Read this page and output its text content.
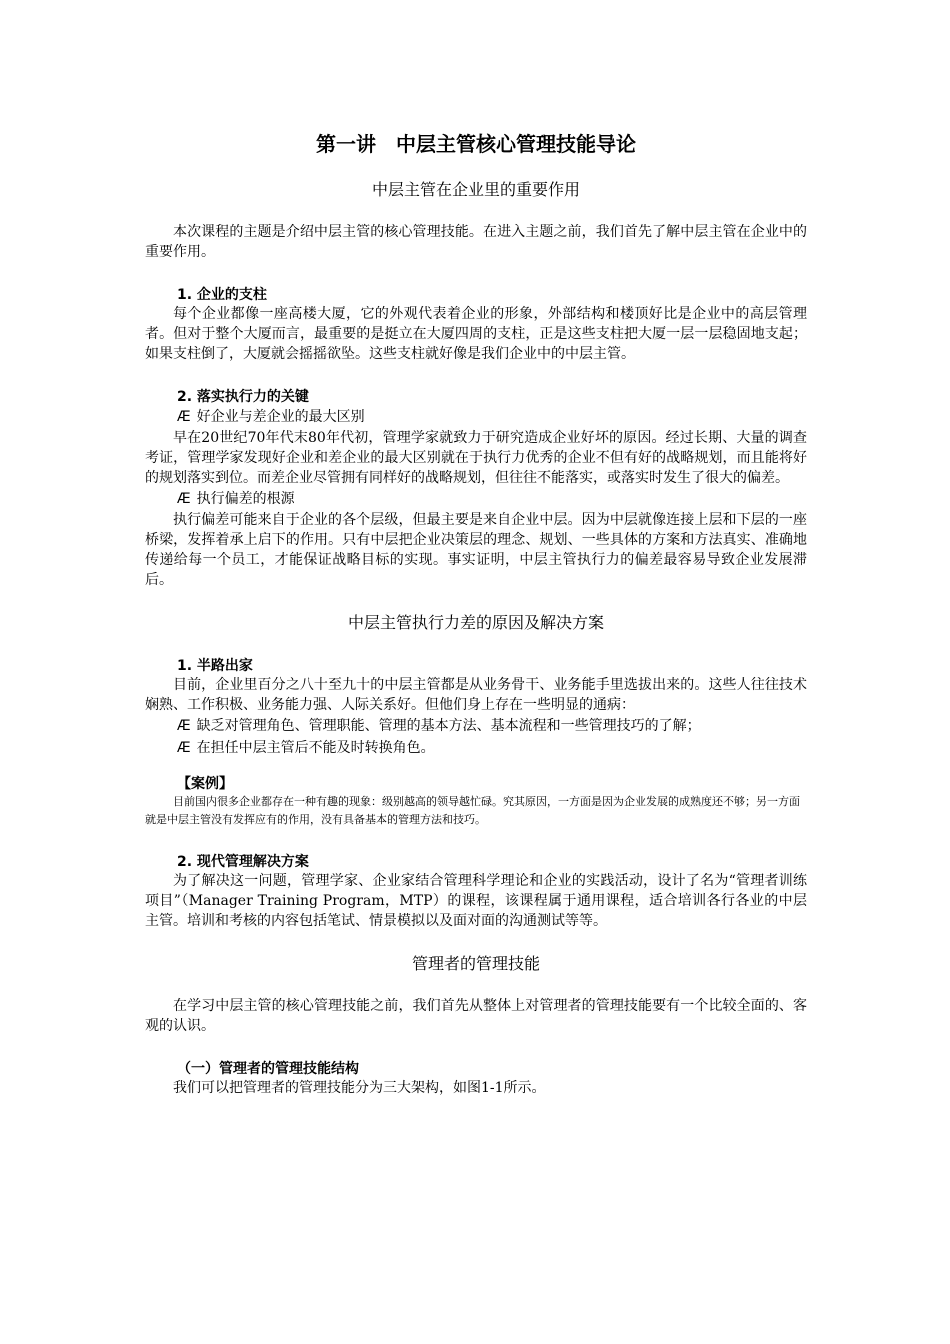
第一讲　中层主管核心管理技能导论
中层主管在企业里的重要作用

本次课程的主题是介绍中层主管的核心管理技能。在进入主题之前，我们首先了解中层主管在企业中的重要作用。

1. 企业的支柱

每个企业都像一座高楼大厦，它的外观代表着企业的形象，外部结构和楼顶好比是企业中的高层管理者。但对于整个大厦而言，最重要的是挺立在大厦四周的支柱，正是这些支柱把大厦一层一层稳固地支起；如果支柱倒了，大厦就会摇摇欲坠。这些支柱就好像是我们企业中的中层主管。

2. 落实执行力的关键
Æ 好企业与差企业的最大区别

早在20世纪70年代末80年代初，管理学家就致力于研究造成企业好坏的原因。经过长期、大量的调查考证，管理学家发现好企业和差企业的最大区别就在于执行力优秀的企业不但有好的战略规划，而且能将好的规划落实到位。而差企业尽管拥有同样好的战略规划，但往往不能落实，或落实时发生了很大的偏差。

Æ 执行偏差的根源

执行偏差可能来自于企业的各个层级，但最主要是来自企业中层。因为中层就像连接上层和下层的一座桥梁，发挥着承上启下的作用。只有中层把企业决策层的理念、规划、一些具体的方案和方法真实、准确地传递给每一个员工，才能保证战略目标的实现。事实证明，中层主管执行力的偏差最容易导致企业发展滞后。

中层主管执行力差的原因及解决方案
1. 半路出家

目前，企业里百分之八十至九十的中层主管都是从业务骨干、业务能手里选拔出来的。这些人往往技术娴熟、工作积极、业务能力强、人际关系好。但他们身上存在一些明显的通病：

Æ 缺乏对管理角色、管理职能、管理的基本方法、基本流程和一些管理技巧的了解；
Æ 在担任中层主管后不能及时转换角色。
【案例】

目前国内很多企业都存在一种有趣的现象：级别越高的领导越忙碌。究其原因，一方面是因为企业发展的成熟度还不够；另一方面就是中层主管没有发挥应有的作用，没有具备基本的管理方法和技巧。

2. 现代管理解决方案

为了解决这一问题，管理学家、企业家结合管理科学理论和企业的实践活动，设计了名为“管理者训练项目”（Manager Training Program，MTP）的课程，该课程属于通用课程，适合培训各行各业的中层主管。培训和考核的内容包括笔试、情景模拟以及面对面的沟通测试等等。

管理者的管理技能

在学习中层主管的核心管理技能之前，我们首先从整体上对管理者的管理技能要有一个比较全面的、客观的认识。

（一）管理者的管理技能结构

我们可以把管理者的管理技能分为三大架构，如图1-1所示。
